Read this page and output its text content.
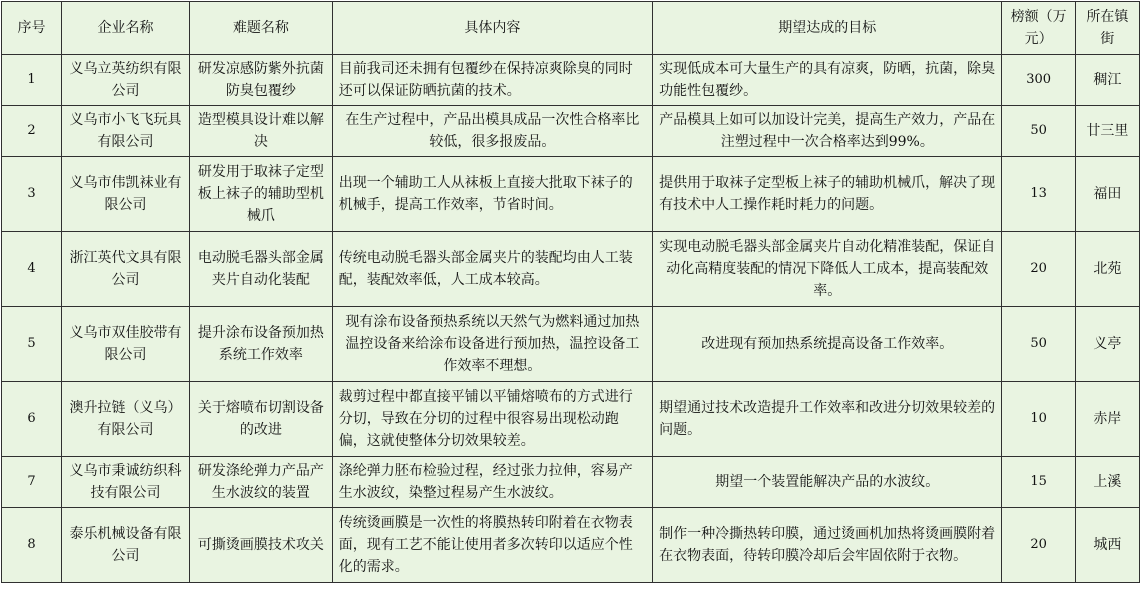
序号	企业名称	难题名称	具体内容	期望达成的目标	榜额（万元）	所在镇街
1	义乌立英纺织有限公司	研发凉感防紫外抗菌防臭包覆纱	目前我司还未拥有包覆纱在保持凉爽除臭的同时还可以保证防晒抗菌的技术。	实现低成本可大量生产的具有凉爽，防晒，抗菌，除臭功能性包覆纱。	300	稠江
2	义乌市小飞飞玩具有限公司	造型模具设计难以解决	在生产过程中，产品出模具成品一次性合格率比较低，很多报废品。	产品模具上如可以加设计完美，提高生产效力，产品在注塑过程中一次合格率达到99%。	50	廿三里
3	义乌市伟凯袜业有限公司	研发用于取袜子定型板上袜子的辅助型机械爪	出现一个辅助工人从袜板上直接大批取下袜子的机械手，提高工作效率，节省时间。	提供用于取袜子定型板上袜子的辅助机械爪，解决了现有技术中人工操作耗时耗力的问题。	13	福田
4	浙江英代文具有限公司	电动脱毛器头部金属夹片自动化装配	传统电动脱毛器头部金属夹片的装配均由人工装配，装配效率低，人工成本较高。	实现电动脱毛器头部金属夹片自动化精准装配，保证自动化高精度装配的情况下降低人工成本，提高装配效率。	20	北苑
5	义乌市双佳胶带有限公司	提升涂布设备预加热系统工作效率	现有涂布设备预热系统以天然气为燃料通过加热温控设备来给涂布设备进行预加热，温控设备工作效率不理想。	改进现有预加热系统提高设备工作效率。	50	义亭
6	澳升拉链（义乌）有限公司	关于熔喷布切割设备的改进	裁剪过程中都直接平铺以平铺熔喷布的方式进行分切，导致在分切的过程中很容易出现松动跑偏，这就使整体分切效果较差。	期望通过技术改造提升工作效率和改进分切效果较差的问题。	10	赤岸
7	义乌市秉诚纺织科技有限公司	研发涤纶弹力产品产生水波纹的装置	涤纶弹力胚布检验过程，经过张力拉伸，容易产生水波纹，染整过程易产生水波纹。	期望一个装置能解决产品的水波纹。	15	上溪
8	泰乐机械设备有限公司	可撕烫画膜技术攻关	传统烫画膜是一次性的将膜热转印附着在衣物表面，现有工艺不能让使用者多次转印以适应个性化的需求。	制作一种冷撕热转印膜，通过烫画机加热将烫画膜附着在衣物表面，待转印膜冷却后会牢固依附于衣物。	20	城西
